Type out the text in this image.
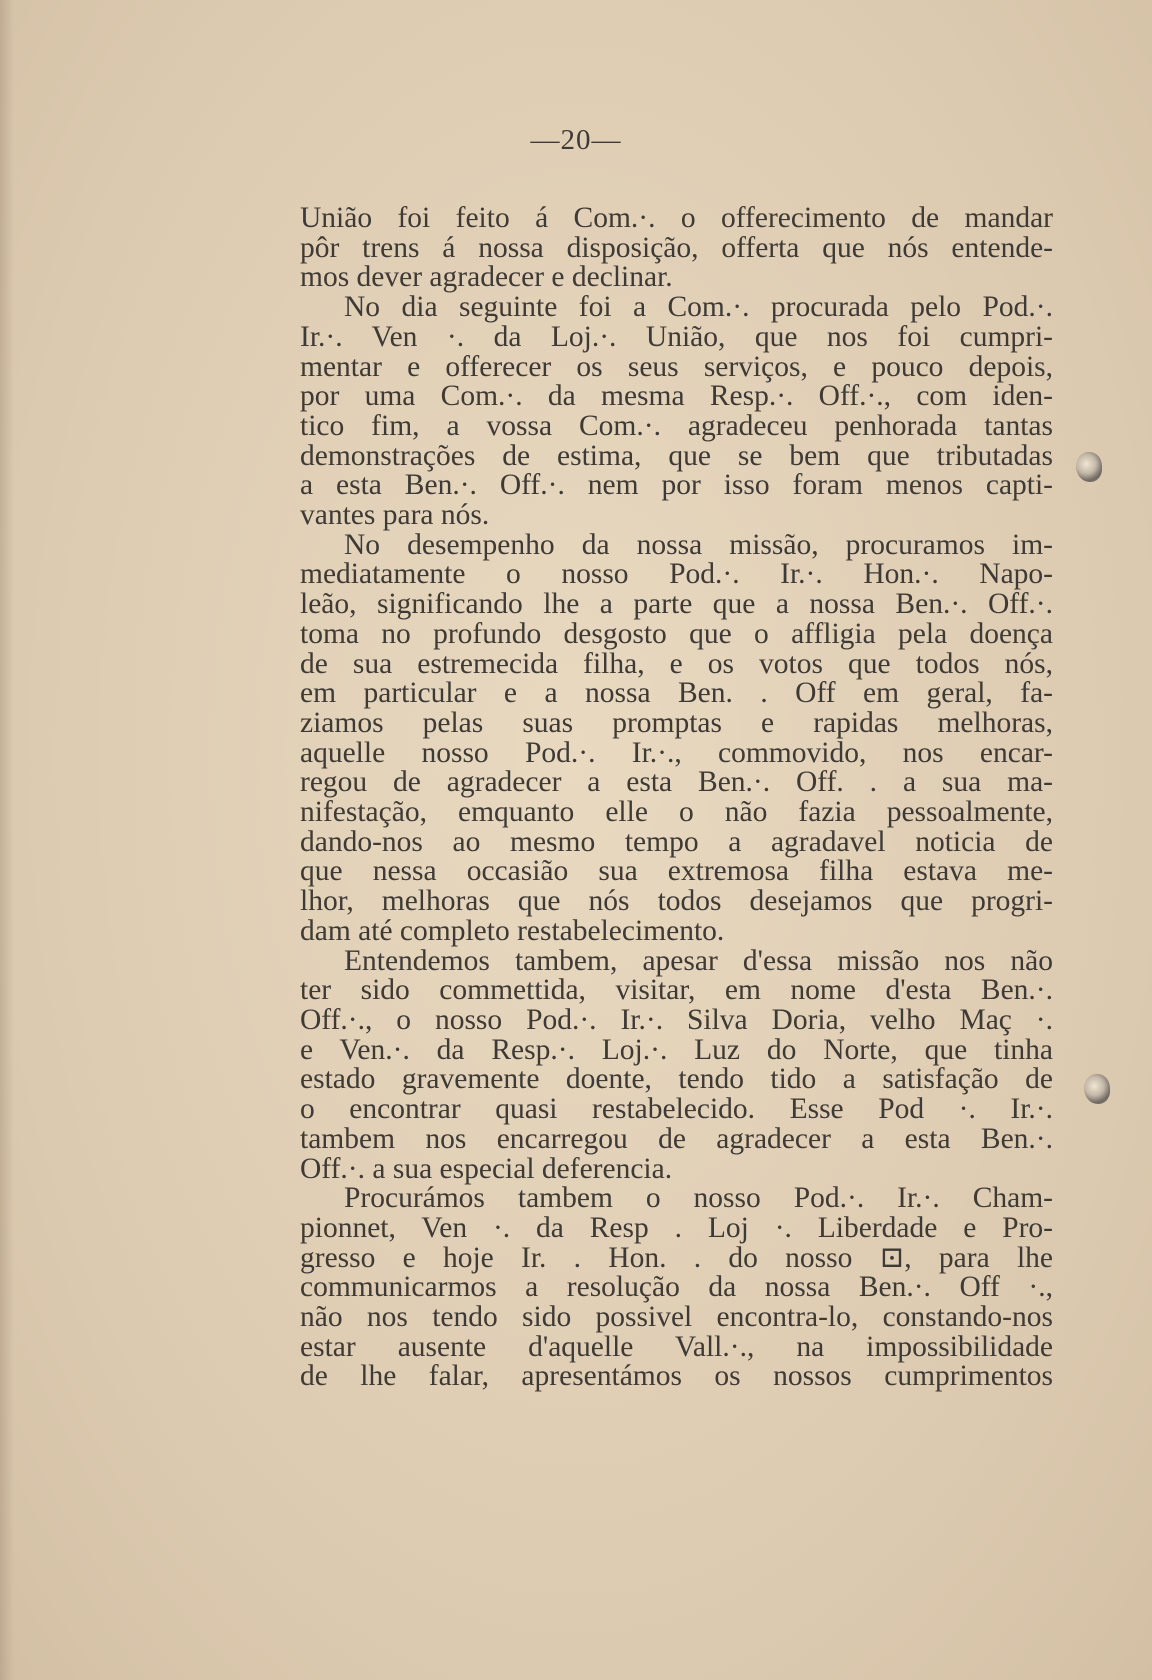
—20—
União foi feito á Com.·. o offerecimento de mandar
pôr trens á nossa disposição, offerta que nós entende-
mos dever agradecer e declinar.
No dia seguinte foi a Com.·. procurada pelo Pod.·.
Ir.·. Ven ·. da Loj.·. União, que nos foi cumpri-
mentar e offerecer os seus serviços, e pouco depois,
por uma Com.·. da mesma Resp.·. Off.·., com iden-
tico fim, a vossa Com.·. agradeceu penhorada tantas
demonstrações de estima, que se bem que tributadas
a esta Ben.·. Off.·. nem por isso foram menos capti-
vantes para nós.
No desempenho da nossa missão, procuramos im-
mediatamente o nosso Pod.·. Ir.·. Hon.·. Napo-
leão, significando lhe a parte que a nossa Ben.·. Off.·.
toma no profundo desgosto que o affligia pela doença
de sua estremecida filha, e os votos que todos nós,
em particular e a nossa Ben. . Off em geral, fa-
ziamos pelas suas promptas e rapidas melhoras,
aquelle nosso Pod.·. Ir.·., commovido, nos encar-
regou de agradecer a esta Ben.·. Off. . a sua ma-
nifestação, emquanto elle o não fazia pessoalmente,
dando-nos ao mesmo tempo a agradavel noticia de
que nessa occasião sua extremosa filha estava me-
lhor, melhoras que nós todos desejamos que progri-
dam até completo restabelecimento.
Entendemos tambem, apesar d'essa missão nos não
ter sido commettida, visitar, em nome d'esta Ben.·.
Off.·., o nosso Pod.·. Ir.·. Silva Doria, velho Maç ·.
e Ven.·. da Resp.·. Loj.·. Luz do Norte, que tinha
estado gravemente doente, tendo tido a satisfação de
o encontrar quasi restabelecido. Esse Pod ·. Ir.·.
tambem nos encarregou de agradecer a esta Ben.·.
Off.·. a sua especial deferencia.
Procurámos tambem o nosso Pod.·. Ir.·. Cham-
pionnet, Ven ·. da Resp . Loj ·. Liberdade e Pro-
gresso e hoje Ir. . Hon. . do nosso ⊡, para lhe
communicarmos a resolução da nossa Ben.·. Off ·.,
não nos tendo sido possivel encontra-lo, constando-nos
estar ausente d'aquelle Vall.·., na impossibilidade
de lhe falar, apresentámos os nossos cumprimentos
